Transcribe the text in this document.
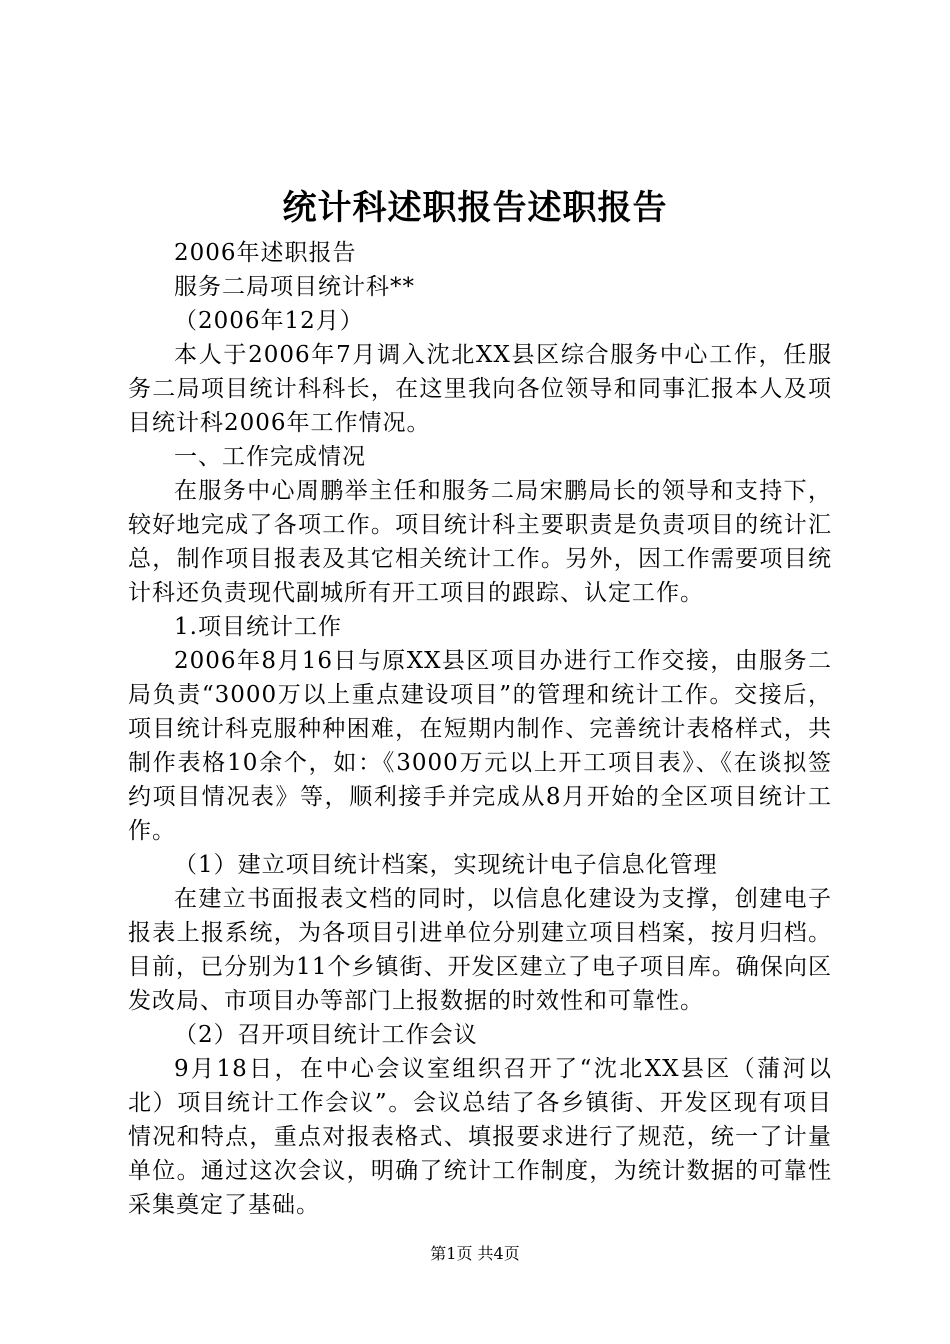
统计科述职报告述职报告

2006年述职报告

服务二局项目统计科**

（2006年12月）

本人于2006年7月调入沈北XX县区综合服务中心工作，任服务二局项目统计科科长，在这里我向各位领导和同事汇报本人及项目统计科2006年工作情况。

一、工作完成情况

在服务中心周鹏举主任和服务二局宋鹏局长的领导和支持下，较好地完成了各项工作。项目统计科主要职责是负责项目的统计汇总，制作项目报表及其它相关统计工作。另外，因工作需要项目统计科还负责现代副城所有开工项目的跟踪、认定工作。

1.项目统计工作

2006年8月16日与原XX县区项目办进行工作交接，由服务二局负责“3000万以上重点建设项目”的管理和统计工作。交接后，项目统计科克服种种困难，在短期内制作、完善统计表格样式，共制作表格10余个，如：《3000万元以上开工项目表》、《在谈拟签约项目情况表》等，顺利接手并完成从8月开始的全区项目统计工作。

（1）建立项目统计档案，实现统计电子信息化管理

在建立书面报表文档的同时，以信息化建设为支撑，创建电子报表上报系统，为各项目引进单位分别建立项目档案，按月归档。目前，已分别为11个乡镇街、开发区建立了电子项目库。确保向区发改局、市项目办等部门上报数据的时效性和可靠性。

（2）召开项目统计工作会议

9月18日，在中心会议室组织召开了“沈北XX县区（蒲河以北）项目统计工作会议”。会议总结了各乡镇街、开发区现有项目情况和特点，重点对报表格式、填报要求进行了规范，统一了计量单位。通过这次会议，明确了统计工作制度，为统计数据的可靠性采集奠定了基础。

第1页 共4页
